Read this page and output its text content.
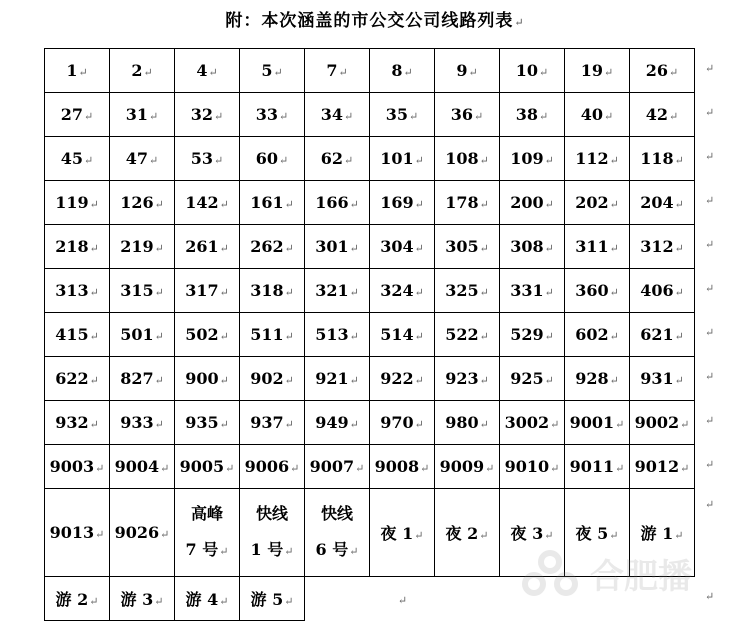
附：本次涵盖的市公交公司线路列表↵
1↵	2↵	4↵	5↵	7↵	8↵	9↵	10↵	19↵	26↵
27↵	31↵	32↵	33↵	34↵	35↵	36↵	38↵	40↵	42↵
45↵	47↵	53↵	60↵	62↵	101↵	108↵	109↵	112↵	118↵
119↵	126↵	142↵	161↵	166↵	169↵	178↵	200↵	202↵	204↵
218↵	219↵	261↵	262↵	301↵	304↵	305↵	308↵	311↵	312↵
313↵	315↵	317↵	318↵	321↵	324↵	325↵	331↵	360↵	406↵
415↵	501↵	502↵	511↵	513↵	514↵	522↵	529↵	602↵	621↵
622↵	827↵	900↵	902↵	921↵	922↵	923↵	925↵	928↵	931↵
932↵	933↵	935↵	937↵	949↵	970↵	980↵	3002↵	9001↵	9002↵
9003↵	9004↵	9005↵	9006↵	9007↵	9008↵	9009↵	9010↵	9011↵	9012↵
9013↵	9026↵	高峰
7 号↵	快线
1 号↵	快线
6 号↵	夜 1↵	夜 2↵	夜 3↵	夜 5↵	游 1↵
游 2↵	游 3↵	游 4↵	游 5↵		↵				
↵
↵
↵
↵
↵
↵
↵
↵
↵
↵
↵
↵
合肥播
